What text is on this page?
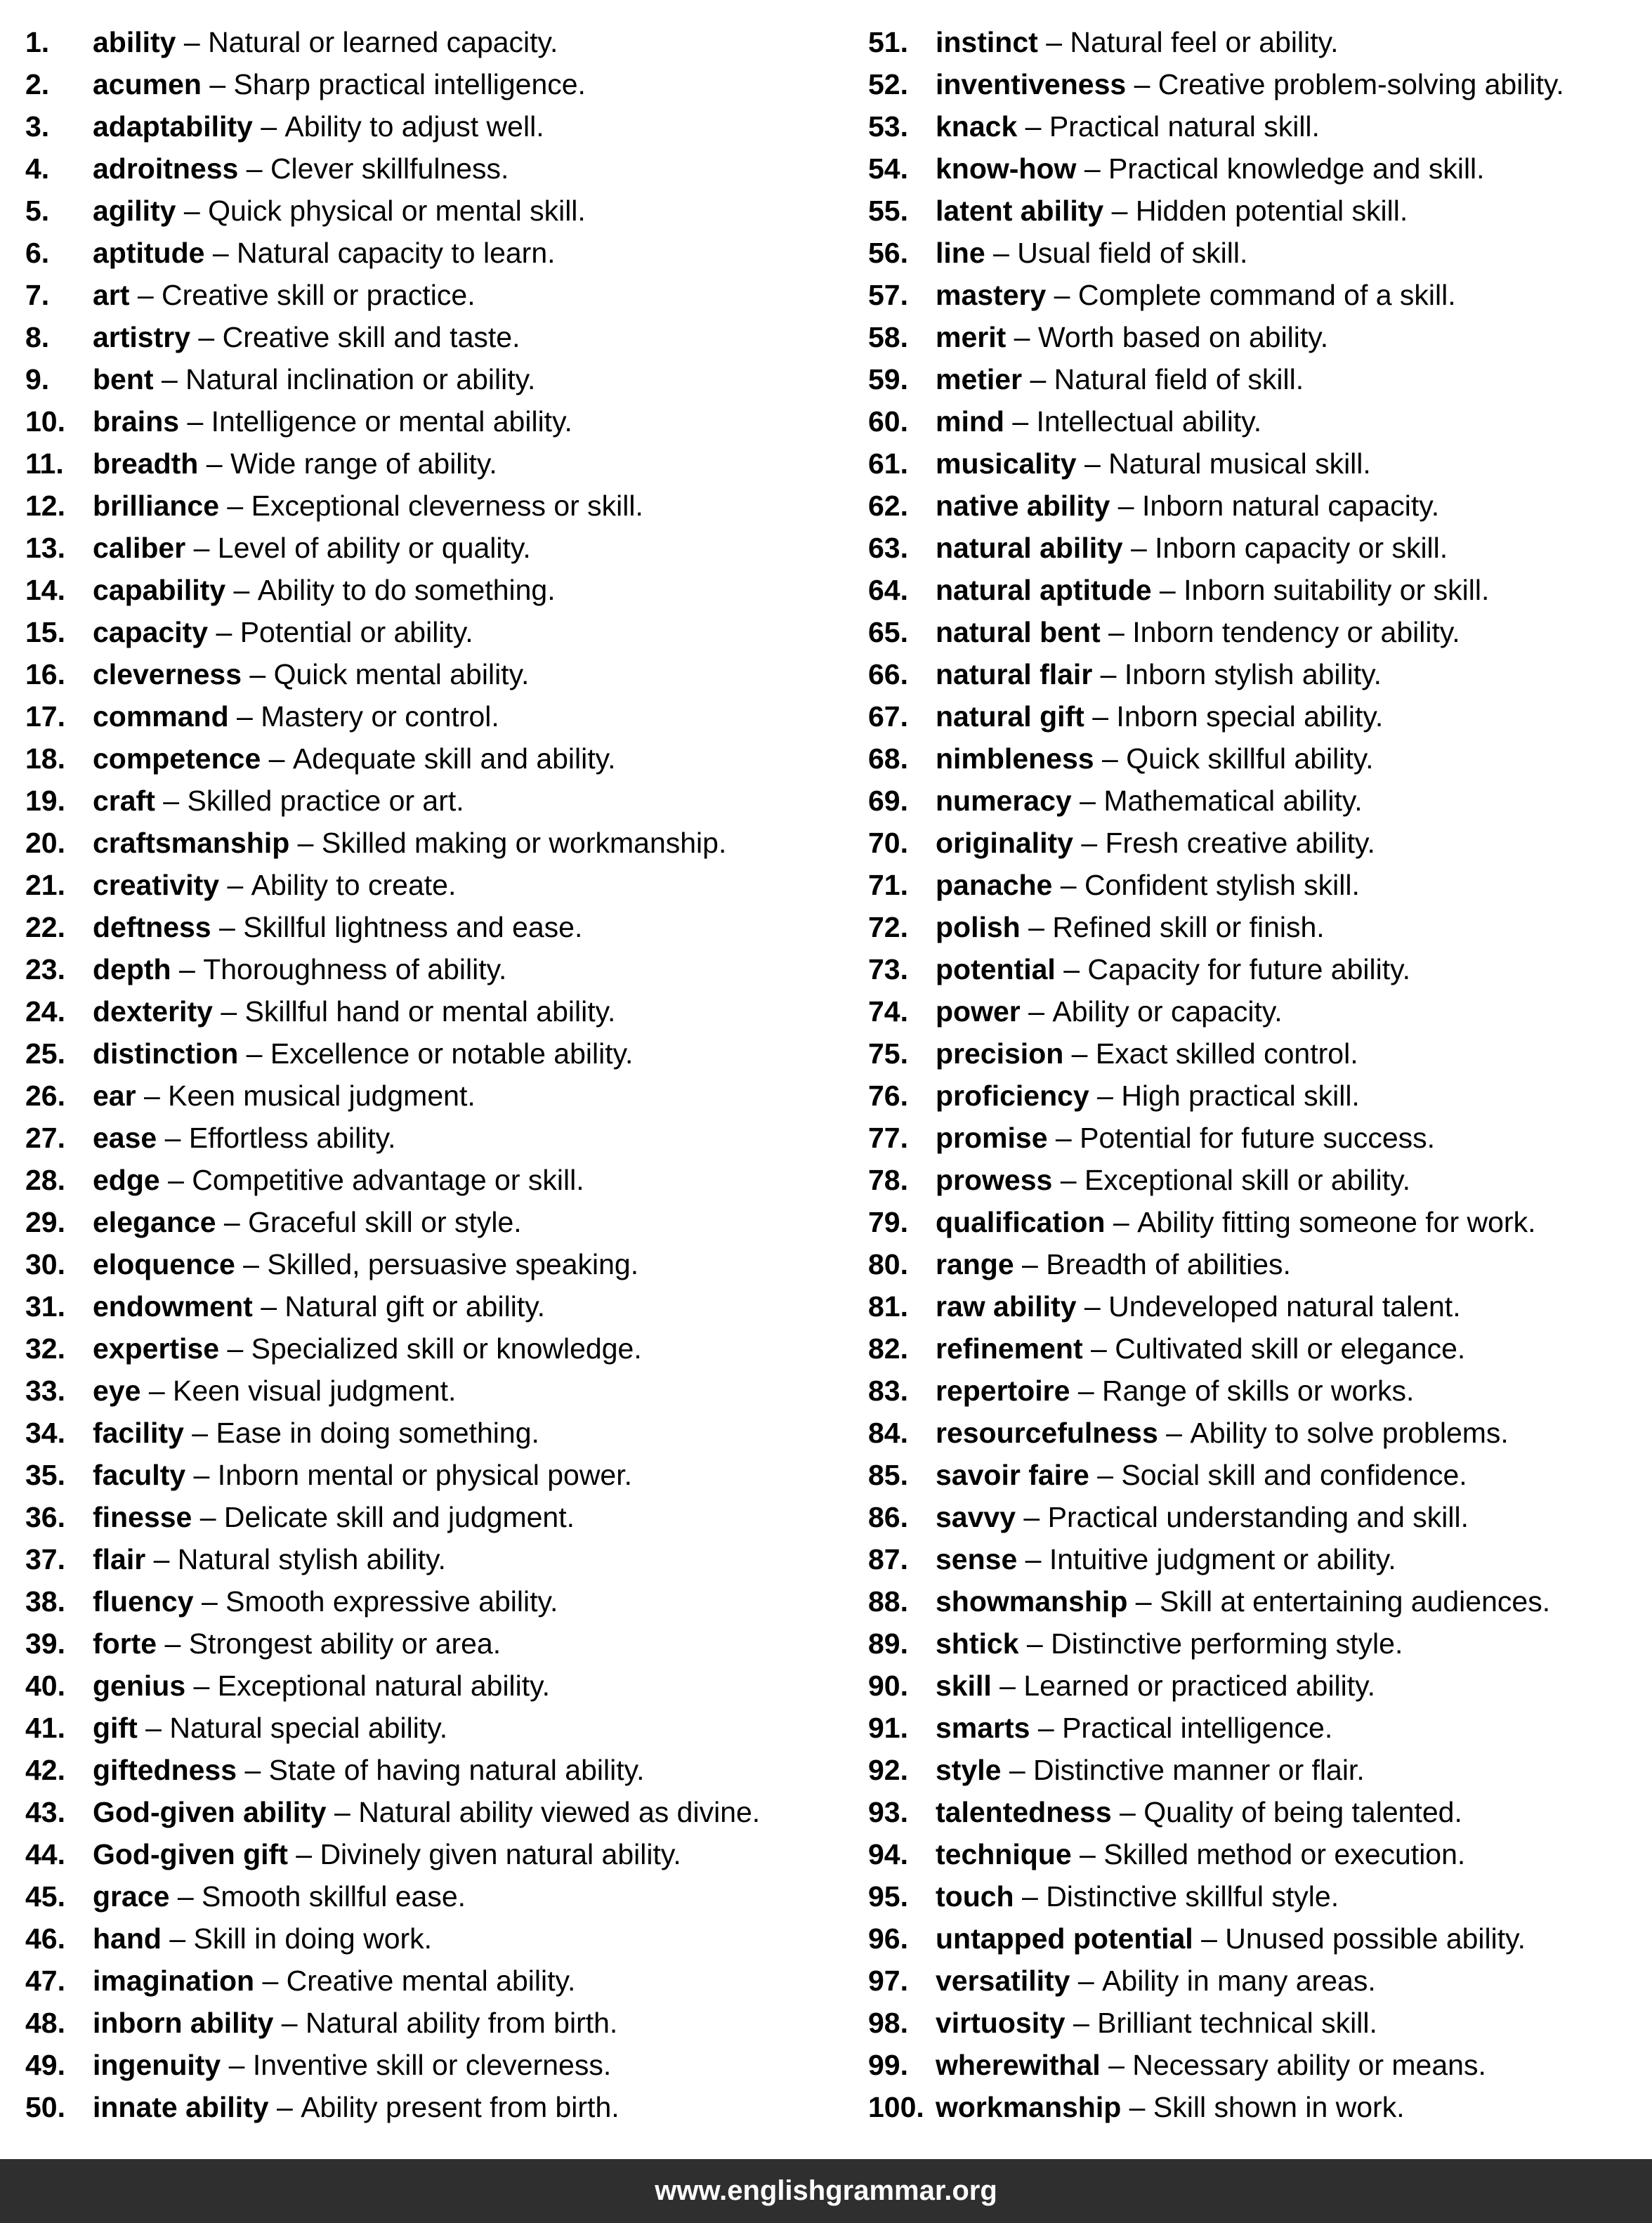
1.	ability – Natural or learned capacity.
2.	acumen – Sharp practical intelligence.
3.	adaptability – Ability to adjust well.
4.	adroitness – Clever skillfulness.
5.	agility – Quick physical or mental skill.
6.	aptitude – Natural capacity to learn.
7.	art – Creative skill or practice.
8.	artistry – Creative skill and taste.
9.	bent – Natural inclination or ability.
10. brains – Intelligence or mental ability.
11.	breadth – Wide range of ability.
12. brilliance – Exceptional cleverness or skill.
13. caliber – Level of ability or quality.
14. capability – Ability to do something.
15. capacity – Potential or ability.
16. cleverness – Quick mental ability.
17. command – Mastery or control.
18. competence – Adequate skill and ability.
19. craft – Skilled practice or art.
20. craftsmanship – Skilled making or workmanship.
21. creativity – Ability to create.
22. deftness – Skillful lightness and ease.
23. depth – Thoroughness of ability.
24. dexterity – Skillful hand or mental ability.
25. distinction – Excellence or notable ability.
26. ear – Keen musical judgment.
27. ease – Effortless ability.
28. edge – Competitive advantage or skill.
29. elegance – Graceful skill or style.
30. eloquence – Skilled, persuasive speaking.
31. endowment – Natural gift or ability.
32. expertise – Specialized skill or knowledge.
33. eye – Keen visual judgment.
34. facility – Ease in doing something.
35. faculty – Inborn mental or physical power.
36. finesse – Delicate skill and judgment.
37. flair – Natural stylish ability.
38. fluency – Smooth expressive ability.
39. forte – Strongest ability or area.
40. genius – Exceptional natural ability.
41. gift – Natural special ability.
42. giftedness – State of having natural ability.
43. God-given ability – Natural ability viewed as divine.
44. God-given gift – Divinely given natural ability.
45. grace – Smooth skillful ease.
46. hand – Skill in doing work.
47. imagination – Creative mental ability.
48. inborn ability – Natural ability from birth.
49. ingenuity – Inventive skill or cleverness.
50. innate ability – Ability present from birth.
51. instinct – Natural feel or ability.
52. inventiveness – Creative problem-solving ability.
53. knack – Practical natural skill.
54. know-how – Practical knowledge and skill.
55. latent ability – Hidden potential skill.
56. line – Usual field of skill.
57. mastery – Complete command of a skill.
58. merit – Worth based on ability.
59. metier – Natural field of skill.
60. mind – Intellectual ability.
61. musicality – Natural musical skill.
62. native ability – Inborn natural capacity.
63. natural ability – Inborn capacity or skill.
64. natural aptitude – Inborn suitability or skill.
65. natural bent – Inborn tendency or ability.
66. natural flair – Inborn stylish ability.
67. natural gift – Inborn special ability.
68. nimbleness – Quick skillful ability.
69. numeracy – Mathematical ability.
70. originality – Fresh creative ability.
71. panache – Confident stylish skill.
72. polish – Refined skill or finish.
73. potential – Capacity for future ability.
74. power – Ability or capacity.
75. precision – Exact skilled control.
76. proficiency – High practical skill.
77. promise – Potential for future success.
78. prowess – Exceptional skill or ability.
79. qualification – Ability fitting someone for work.
80. range – Breadth of abilities.
81. raw ability – Undeveloped natural talent.
82. refinement – Cultivated skill or elegance.
83. repertoire – Range of skills or works.
84. resourcefulness – Ability to solve problems.
85. savoir faire – Social skill and confidence.
86. savvy – Practical understanding and skill.
87. sense – Intuitive judgment or ability.
88. showmanship – Skill at entertaining audiences.
89. shtick – Distinctive performing style.
90. skill – Learned or practiced ability.
91. smarts – Practical intelligence.
92. style – Distinctive manner or flair.
93. talentedness – Quality of being talented.
94. technique – Skilled method or execution.
95. touch – Distinctive skillful style.
96. untapped potential – Unused possible ability.
97. versatility – Ability in many areas.
98. virtuosity – Brilliant technical skill.
99. wherewithal – Necessary ability or means.
100. workmanship – Skill shown in work.
www.englishgrammar.org
